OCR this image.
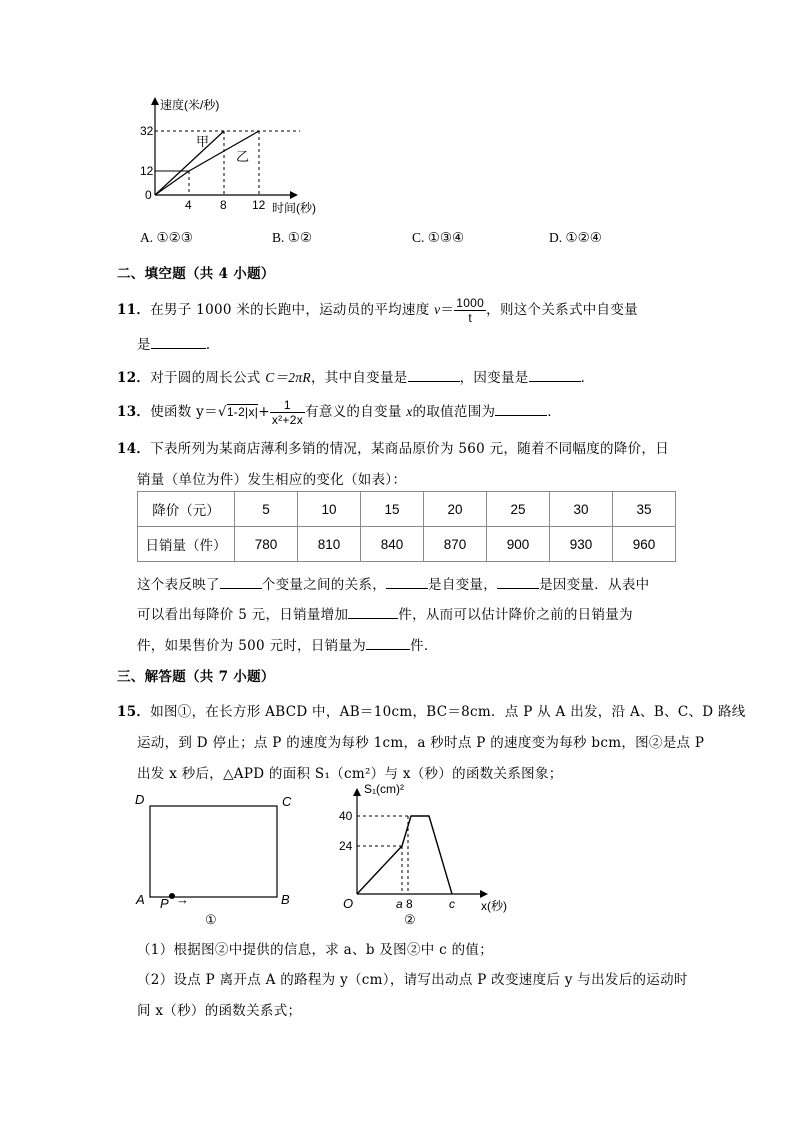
速度(米/秒)
时间(秒)
0
12
32
4 8 12
甲
乙
A. ①②③	B. ①②	C. ①③④	D. ①②④
二、填空题（共 4 小题）
11．在男子 1000 米的长跑中，运动员的平均速度 $v= \frac{1000}{t}$ ，则这个关系式中自变量
是	．
12．对于圆的周长公式 C＝2πR，其中自变量是	，因变量是	．
13．使函数 $y=√1-2|x|+ \frac{1}{\text{x²+2x}}$ 有意义的自变量 x的取值范围为	．
14．下表所列为某商店薄利多销的情况，某商品原价为 560 元，随着不同幅度的降价，日
销量（单位为件）发生相应的变化（如表）：
降价（元）	5	10	15	20	25	30	35
日销量（件）	780	810	840	870	900	930	960
这个表反映了	个变量之间的关系，	是自变量，	是因变量．从表中
可以看出每降价 5 元，日销量增加	件，从而可以估计降价之前的日销量为
件，如果售价为 500 元时，日销量为	件．
三、解答题（共 7 小题）
15．如图①，在长方形 ABCD 中，AB＝10cm，BC＝8cm．点 P 从 A 出发，沿 A、B、C、D 路线
运动，到 D 停止；点 P 的速度为每秒 1cm，a 秒时点 P 的速度变为每秒 bcm，图②是点 P
出发 x 秒后，△APD 的面积 S₁（cm²）与 x（秒）的函数关系图象；
D	C
A	B
P →
①
S₁(cm)²
x(秒)
O
40
24
a 8	c
②
（1）根据图②中提供的信息，求 a、b 及图②中 c 的值；
（2）设点 P 离开点 A 的路程为 y（cm），请写出动点 P 改变速度后 y 与出发后的运动时
间 x（秒）的函数关系式；
